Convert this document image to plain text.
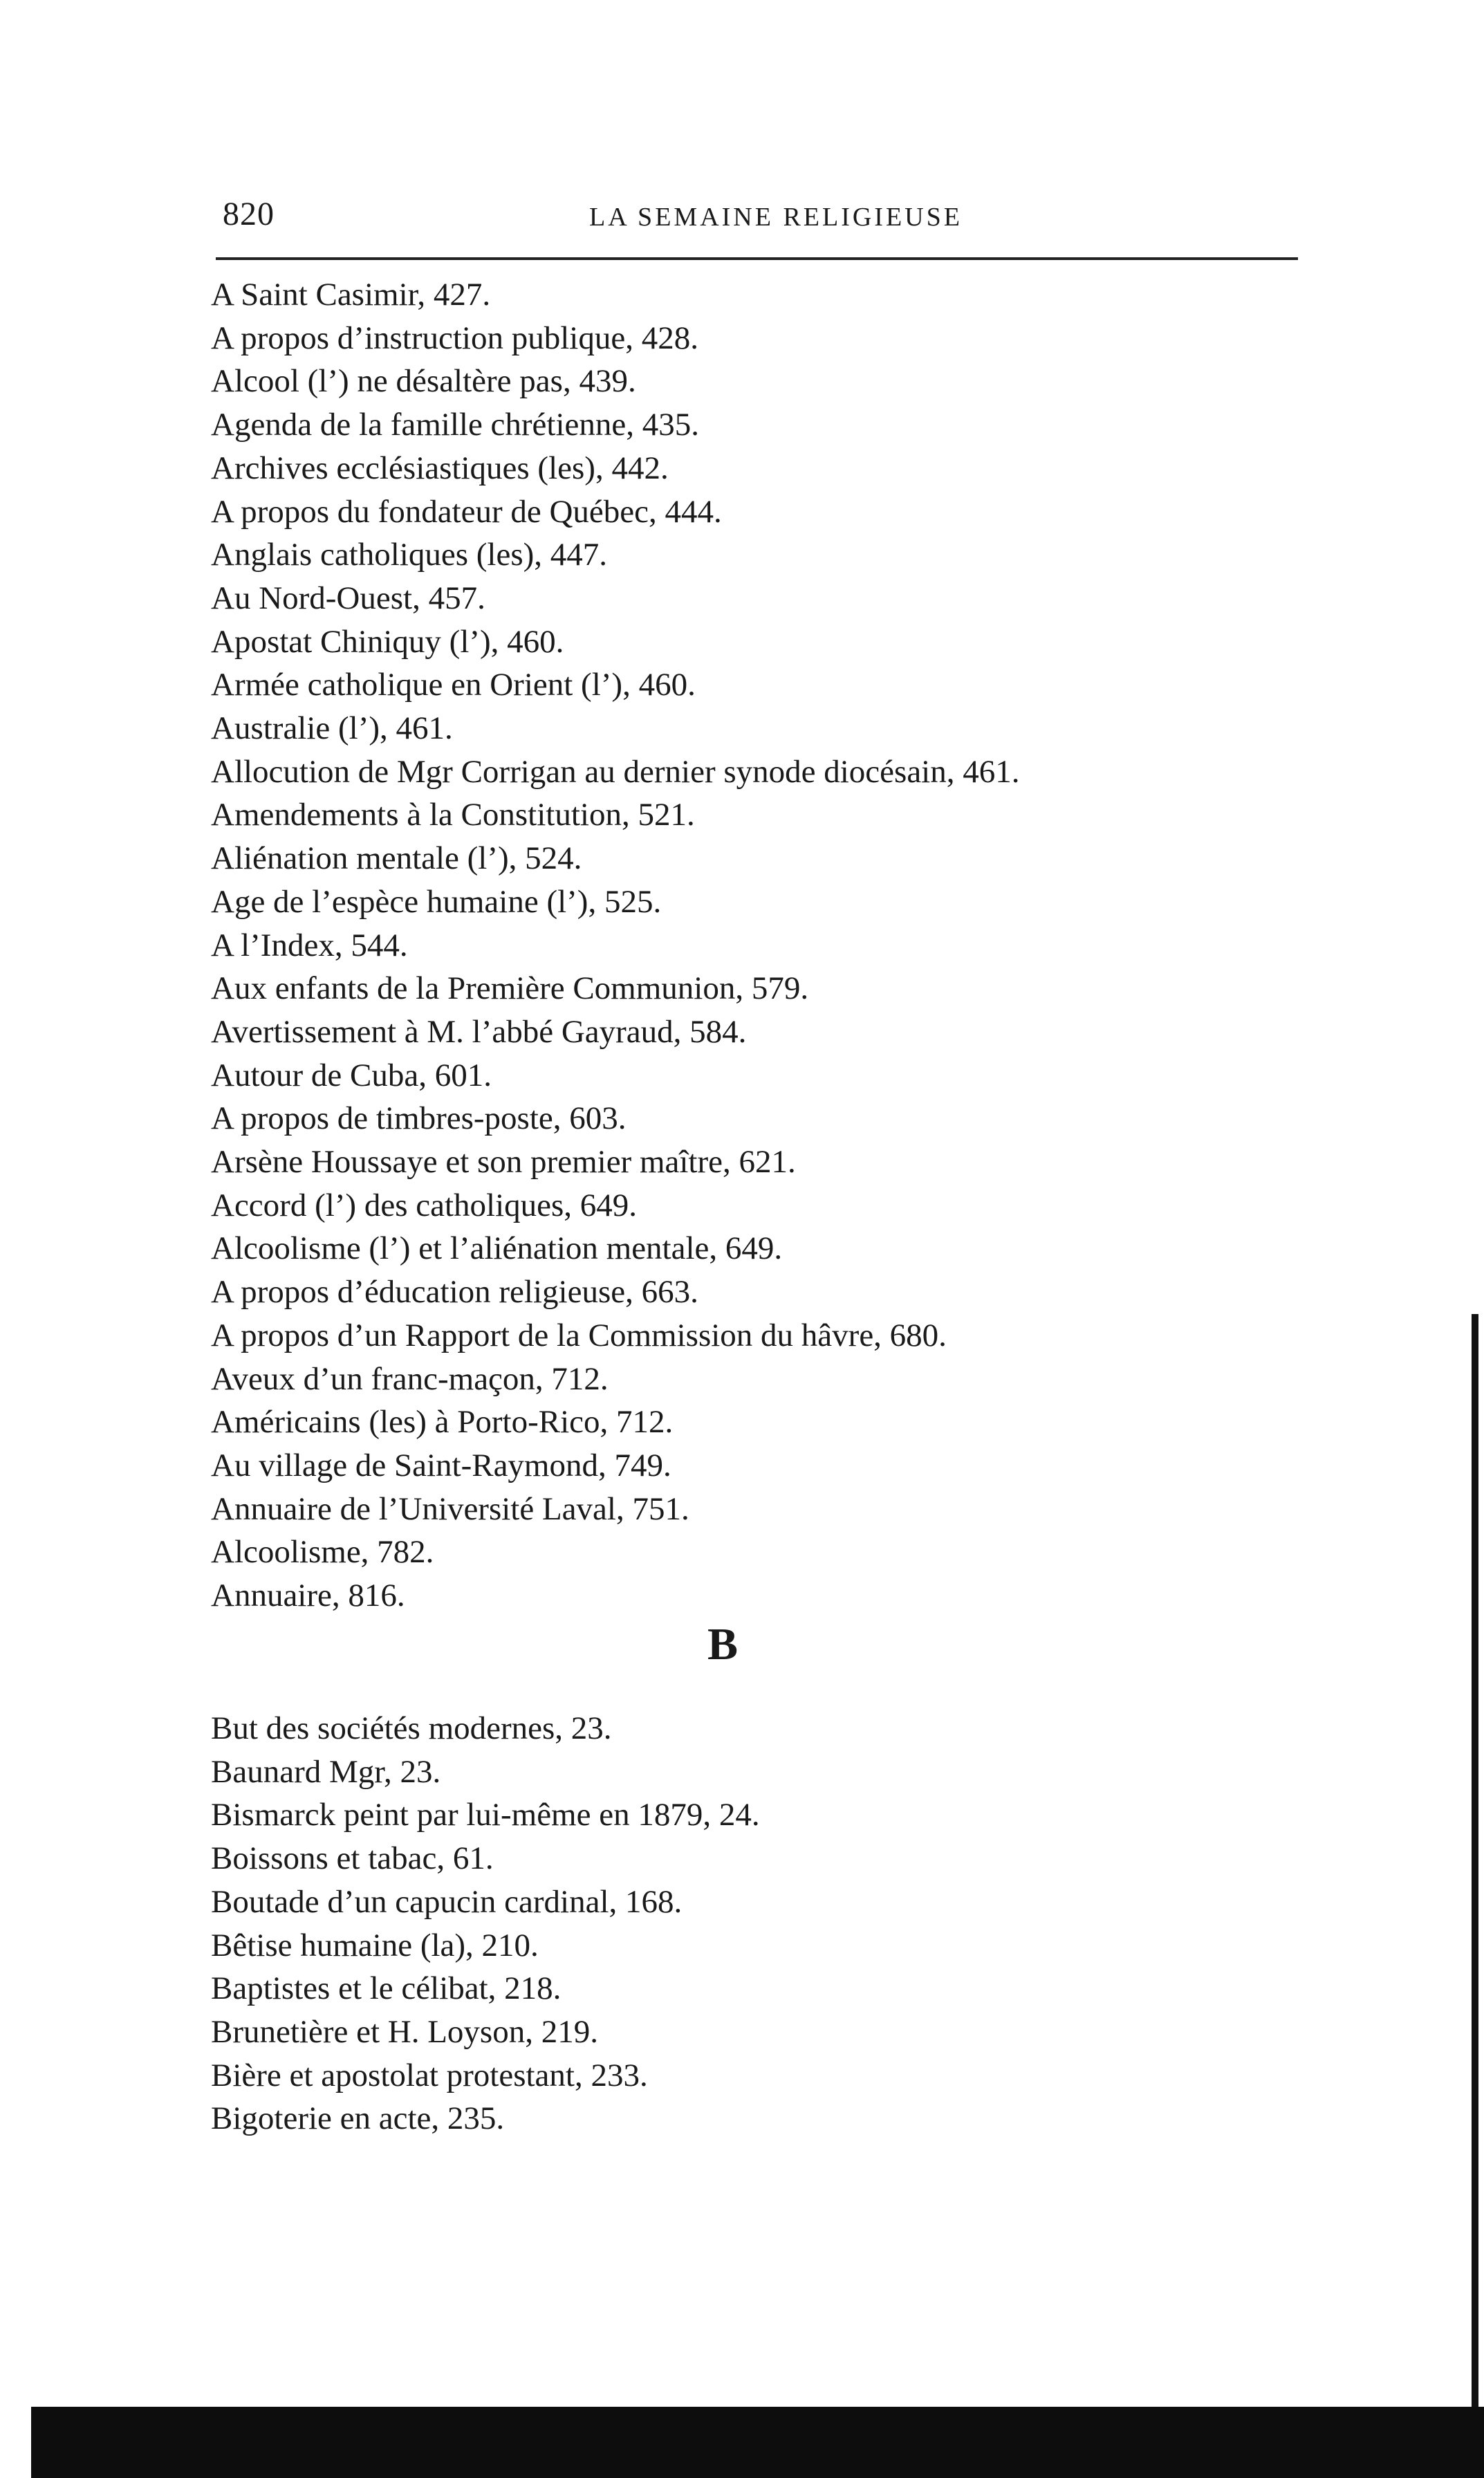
820	LA SEMAINE RELIGIEUSE
A Saint Casimir, 427.
A propos d’instruction publique, 428.
Alcool (l’) ne désaltère pas, 439.
Agenda de la famille chrétienne, 435.
Archives ecclésiastiques (les), 442.
A propos du fondateur de Québec, 444.
Anglais catholiques (les), 447.
Au Nord-Ouest, 457.
Apostat Chiniquy (l’), 460.
Armée catholique en Orient (l’), 460.
Australie (l’), 461.
Allocution de Mgr Corrigan au dernier synode diocésain, 461.
Amendements à la Constitution, 521.
Aliénation mentale (l’), 524.
Age de l’espèce humaine (l’), 525.
A l’Index, 544.
Aux enfants de la Première Communion, 579.
Avertissement à M. l’abbé Gayraud, 584.
Autour de Cuba, 601.
A propos de timbres-poste, 603.
Arsène Houssaye et son premier maître, 621.
Accord (l’) des catholiques, 649.
Alcoolisme (l’) et l’aliénation mentale, 649.
A propos d’éducation religieuse, 663.
A propos d’un Rapport de la Commission du hâvre, 680.
Aveux d’un franc-maçon, 712.
Américains (les) à Porto-Rico, 712.
Au village de Saint-Raymond, 749.
Annuaire de l’Université Laval, 751.
Alcoolisme, 782.
Annuaire, 816.
B
But des sociétés modernes, 23.
Baunard Mgr, 23.
Bismarck peint par lui-même en 1879, 24.
Boissons et tabac, 61.
Boutade d’un capucin cardinal, 168.
Bêtise humaine (la), 210.
Baptistes et le célibat, 218.
Brunetière et H. Loyson, 219.
Bière et apostolat protestant, 233.
Bigoterie en acte, 235.
